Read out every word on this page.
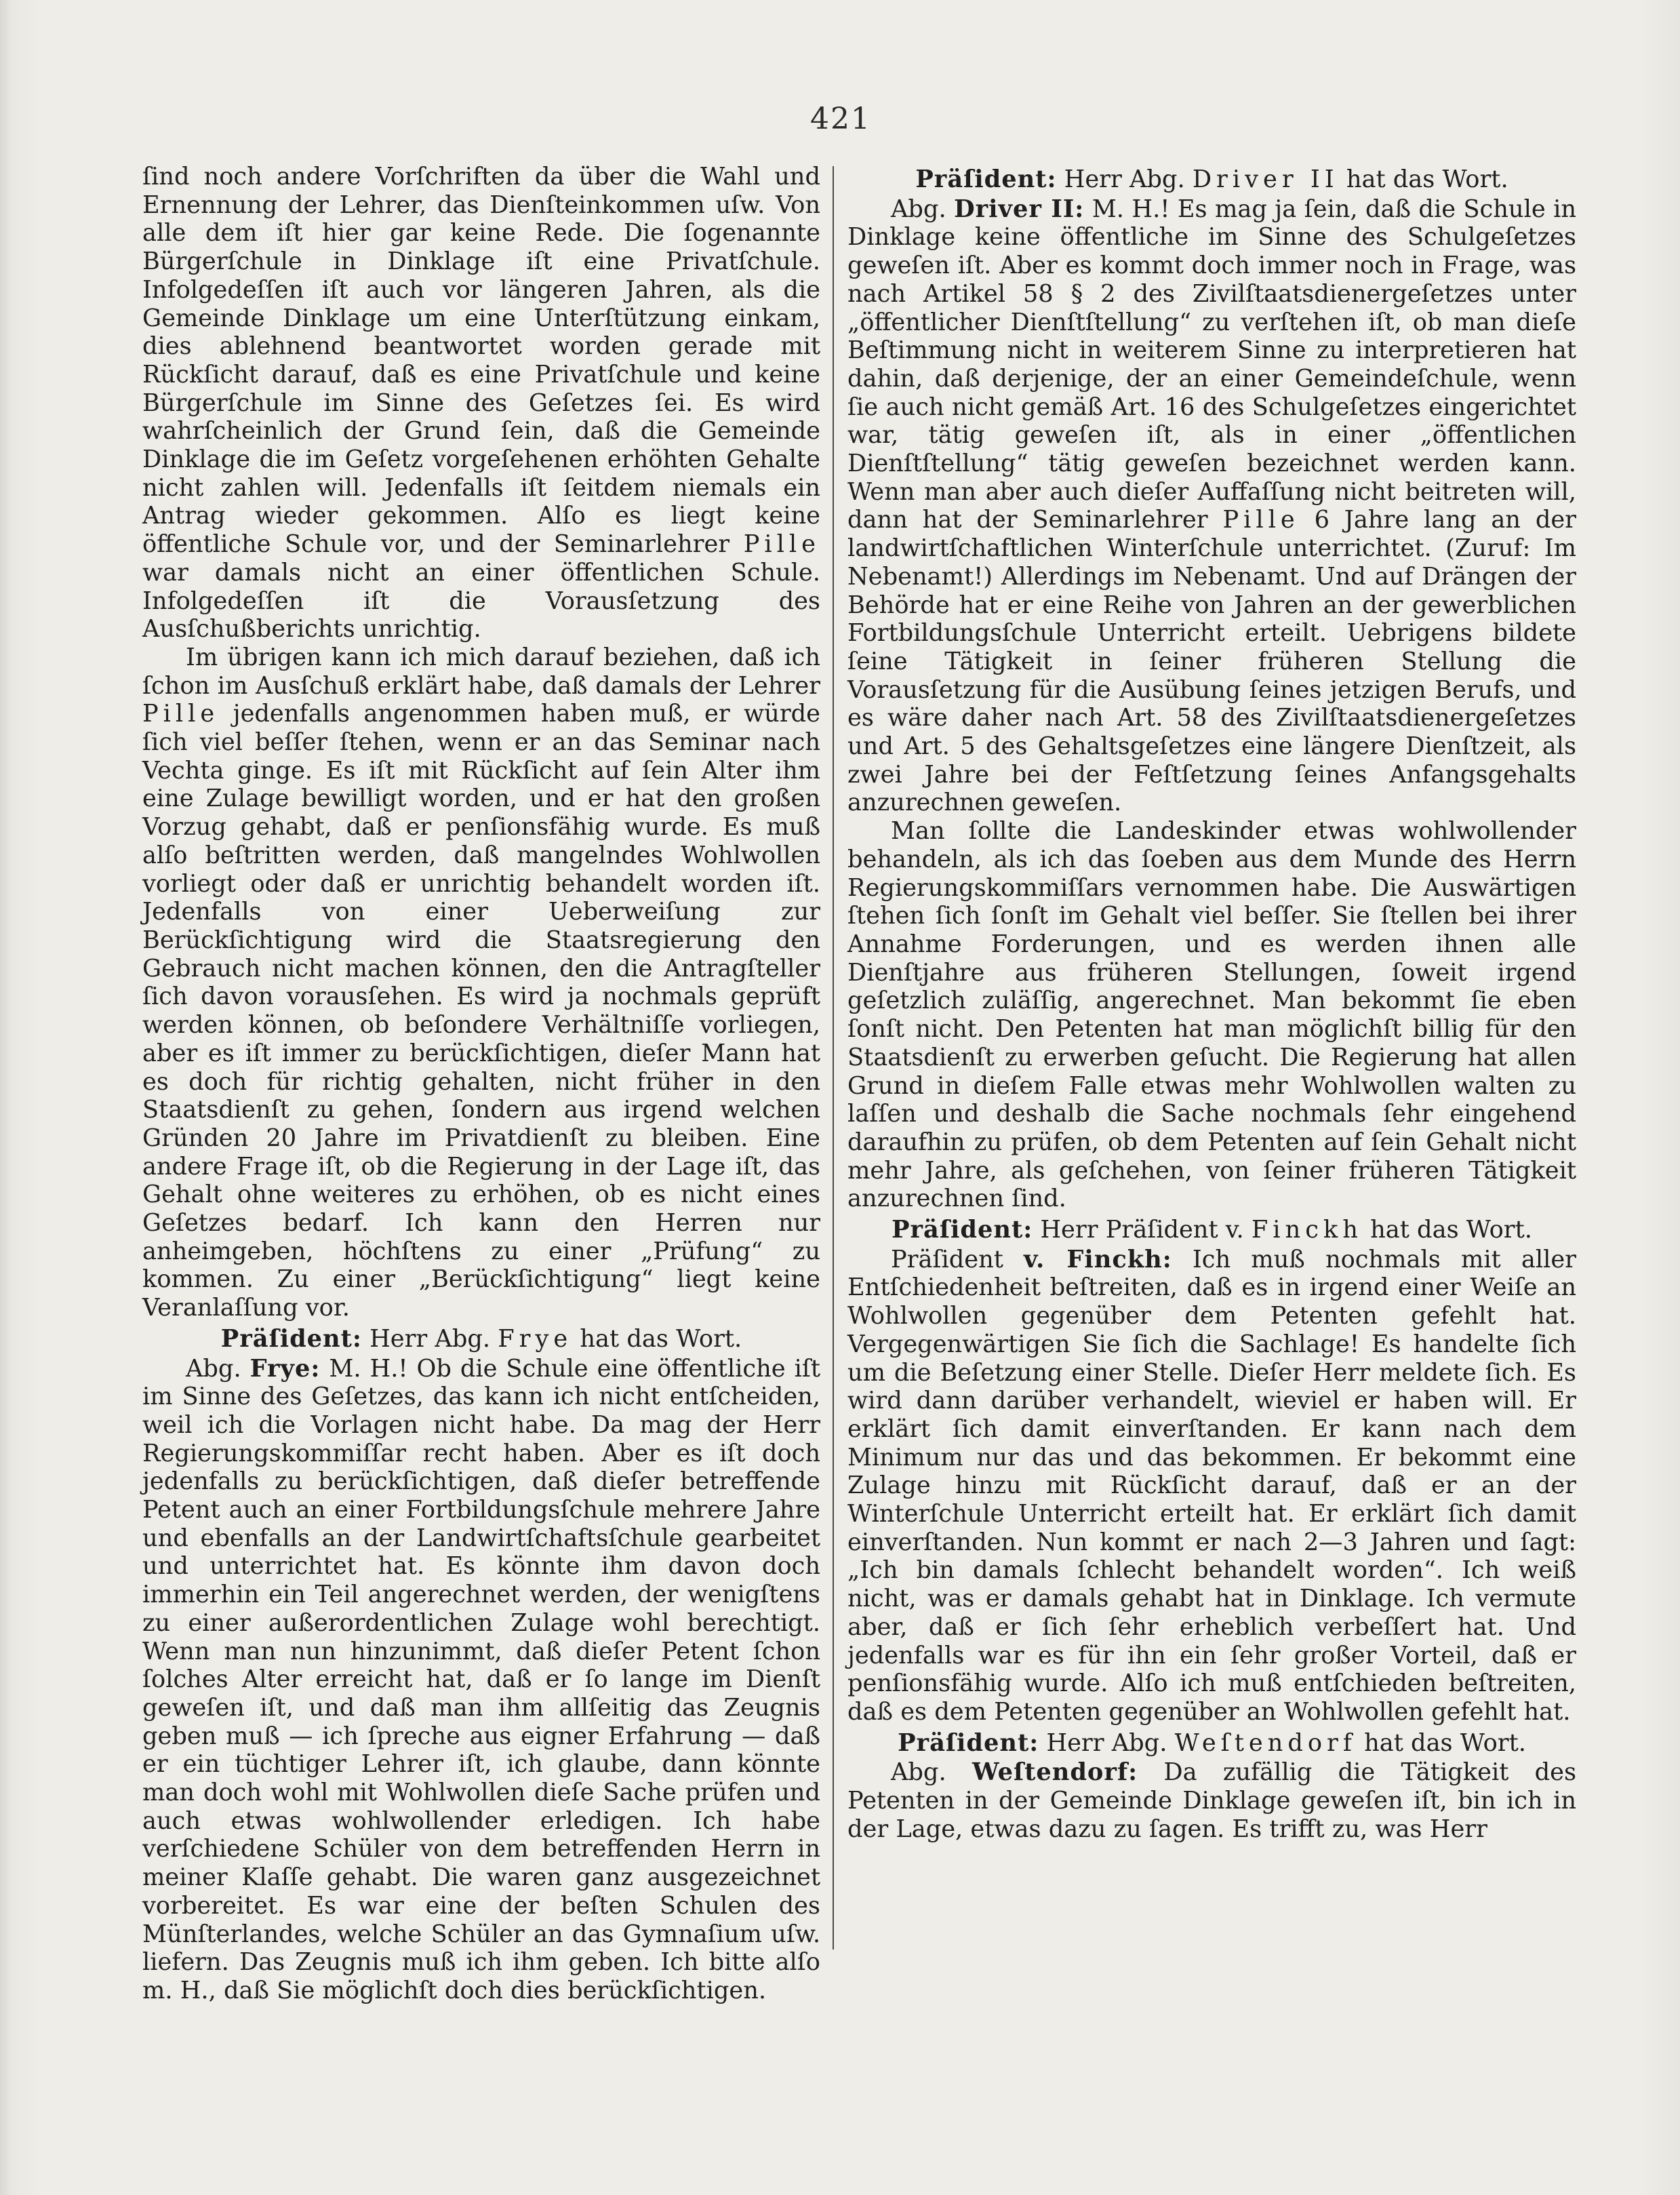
421

ſind noch andere Vorſchriften da über die Wahl und Ernennung der Lehrer, das Dienſteinkommen uſw. Von alle dem iſt hier gar keine Rede. Die ſogenannte Bürgerſchule in Dinklage iſt eine Privatſchule. Infolgedeſſen iſt auch vor längeren Jahren, als die Gemeinde Dinklage um eine Unterſtützung einkam, dies ablehnend beantwortet worden gerade mit Rückſicht darauf, daß es eine Privatſchule und keine Bürgerſchule im Sinne des Geſetzes ſei. Es wird wahrſcheinlich der Grund ſein, daß die Gemeinde Dinklage die im Geſetz vorgeſehenen erhöhten Gehalte nicht zahlen will. Jedenfalls iſt ſeitdem niemals ein Antrag wieder gekommen. Alſo es liegt keine öffentliche Schule vor, und der Seminarlehrer Pille war damals nicht an einer öffentlichen Schule. Infolgedeſſen iſt die Vorausſetzung des Ausſchußberichts unrichtig.

Im übrigen kann ich mich darauf beziehen, daß ich ſchon im Ausſchuß erklärt habe, daß damals der Lehrer Pille jedenfalls angenommen haben muß, er würde ſich viel beſſer ſtehen, wenn er an das Seminar nach Vechta ginge. Es iſt mit Rückſicht auf ſein Alter ihm eine Zulage bewilligt worden, und er hat den großen Vorzug gehabt, daß er penſionsfähig wurde. Es muß alſo beſtritten werden, daß mangelndes Wohlwollen vorliegt oder daß er unrichtig behandelt worden iſt. Jedenfalls von einer Ueberweiſung zur Berückſichtigung wird die Staatsregierung den Gebrauch nicht machen können, den die Antragſteller ſich davon vorausſehen. Es wird ja nochmals geprüft werden können, ob beſondere Verhältniſſe vorliegen, aber es iſt immer zu berückſichtigen, dieſer Mann hat es doch für richtig gehalten, nicht früher in den Staatsdienſt zu gehen, ſondern aus irgend welchen Gründen 20 Jahre im Privatdienſt zu bleiben. Eine andere Frage iſt, ob die Regierung in der Lage iſt, das Gehalt ohne weiteres zu erhöhen, ob es nicht eines Geſetzes bedarf. Ich kann den Herren nur anheimgeben, höchſtens zu einer „Prüfung“ zu kommen. Zu einer „Berückſichtigung“ liegt keine Veranlaſſung vor.

Präſident: Herr Abg. Frye hat das Wort.

Abg. Frye: M. H.! Ob die Schule eine öffentliche iſt im Sinne des Geſetzes, das kann ich nicht entſcheiden, weil ich die Vorlagen nicht habe. Da mag der Herr Regierungskommiſſar recht haben. Aber es iſt doch jedenfalls zu berückſichtigen, daß dieſer betreffende Petent auch an einer Fortbildungsſchule mehrere Jahre und ebenfalls an der Landwirtſchaftsſchule gearbeitet und unterrichtet hat. Es könnte ihm davon doch immerhin ein Teil angerechnet werden, der wenigſtens zu einer außerordentlichen Zulage wohl berechtigt. Wenn man nun hinzunimmt, daß dieſer Petent ſchon ſolches Alter erreicht hat, daß er ſo lange im Dienſt geweſen iſt, und daß man ihm allſeitig das Zeugnis geben muß — ich ſpreche aus eigner Erfahrung — daß er ein tüchtiger Lehrer iſt, ich glaube, dann könnte man doch wohl mit Wohlwollen dieſe Sache prüfen und auch etwas wohlwollender erledigen. Ich habe verſchiedene Schüler von dem betreffenden Herrn in meiner Klaſſe gehabt. Die waren ganz ausgezeichnet vorbereitet. Es war eine der beſten Schulen des Münſterlandes, welche Schüler an das Gymnaſium uſw. liefern. Das Zeugnis muß ich ihm geben. Ich bitte alſo m. H., daß Sie möglichſt doch dies berückſichtigen.

Präſident: Herr Abg. Driver II hat das Wort.

Abg. Driver II: M. H.! Es mag ja ſein, daß die Schule in Dinklage keine öffentliche im Sinne des Schulgeſetzes geweſen iſt. Aber es kommt doch immer noch in Frage, was nach Artikel 58 § 2 des Zivilſtaatsdienergeſetzes unter „öffentlicher Dienſtſtellung“ zu verſtehen iſt, ob man dieſe Beſtimmung nicht in weiterem Sinne zu interpretieren hat dahin, daß derjenige, der an einer Gemeindeſchule, wenn ſie auch nicht gemäß Art. 16 des Schulgeſetzes eingerichtet war, tätig geweſen iſt, als in einer „öffentlichen Dienſtſtellung“ tätig geweſen bezeichnet werden kann. Wenn man aber auch dieſer Auffaſſung nicht beitreten will, dann hat der Seminarlehrer Pille 6 Jahre lang an der landwirtſchaftlichen Winterſchule unterrichtet. (Zuruf: Im Nebenamt!) Allerdings im Nebenamt. Und auf Drängen der Behörde hat er eine Reihe von Jahren an der gewerblichen Fortbildungsſchule Unterricht erteilt. Uebrigens bildete ſeine Tätigkeit in ſeiner früheren Stellung die Vorausſetzung für die Ausübung ſeines jetzigen Berufs, und es wäre daher nach Art. 58 des Zivilſtaatsdienergeſetzes und Art. 5 des Gehaltsgeſetzes eine längere Dienſtzeit, als zwei Jahre bei der Feſtſetzung ſeines Anfangsgehalts anzurechnen geweſen.

Man ſollte die Landeskinder etwas wohlwollender behandeln, als ich das ſoeben aus dem Munde des Herrn Regierungskommiſſars vernommen habe. Die Auswärtigen ſtehen ſich ſonſt im Gehalt viel beſſer. Sie ſtellen bei ihrer Annahme Forderungen, und es werden ihnen alle Dienſtjahre aus früheren Stellungen, ſoweit irgend geſetzlich zuläſſig, angerechnet. Man bekommt ſie eben ſonſt nicht. Den Petenten hat man möglichſt billig für den Staatsdienſt zu erwerben geſucht. Die Regierung hat allen Grund in dieſem Falle etwas mehr Wohlwollen walten zu laſſen und deshalb die Sache nochmals ſehr eingehend daraufhin zu prüfen, ob dem Petenten auf ſein Gehalt nicht mehr Jahre, als geſchehen, von ſeiner früheren Tätigkeit anzurechnen ſind.

Präſident: Herr Präſident v. Finckh hat das Wort.

Präſident v. Finckh: Ich muß nochmals mit aller Entſchiedenheit beſtreiten, daß es in irgend einer Weiſe an Wohlwollen gegenüber dem Petenten gefehlt hat. Vergegenwärtigen Sie ſich die Sachlage! Es handelte ſich um die Beſetzung einer Stelle. Dieſer Herr meldete ſich. Es wird dann darüber verhandelt, wieviel er haben will. Er erklärt ſich damit einverſtanden. Er kann nach dem Minimum nur das und das bekommen. Er bekommt eine Zulage hinzu mit Rückſicht darauf, daß er an der Winterſchule Unterricht erteilt hat. Er erklärt ſich damit einverſtanden. Nun kommt er nach 2—3 Jahren und ſagt: „Ich bin damals ſchlecht behandelt worden“. Ich weiß nicht, was er damals gehabt hat in Dinklage. Ich vermute aber, daß er ſich ſehr erheblich verbeſſert hat. Und jedenfalls war es für ihn ein ſehr großer Vorteil, daß er penſionsfähig wurde. Alſo ich muß entſchieden beſtreiten, daß es dem Petenten gegenüber an Wohlwollen gefehlt hat.

Präſident: Herr Abg. Weſtendorf hat das Wort.

Abg. Weſtendorf: Da zufällig die Tätigkeit des Petenten in der Gemeinde Dinklage geweſen iſt, bin ich in der Lage, etwas dazu zu ſagen. Es trifft zu, was Herr
